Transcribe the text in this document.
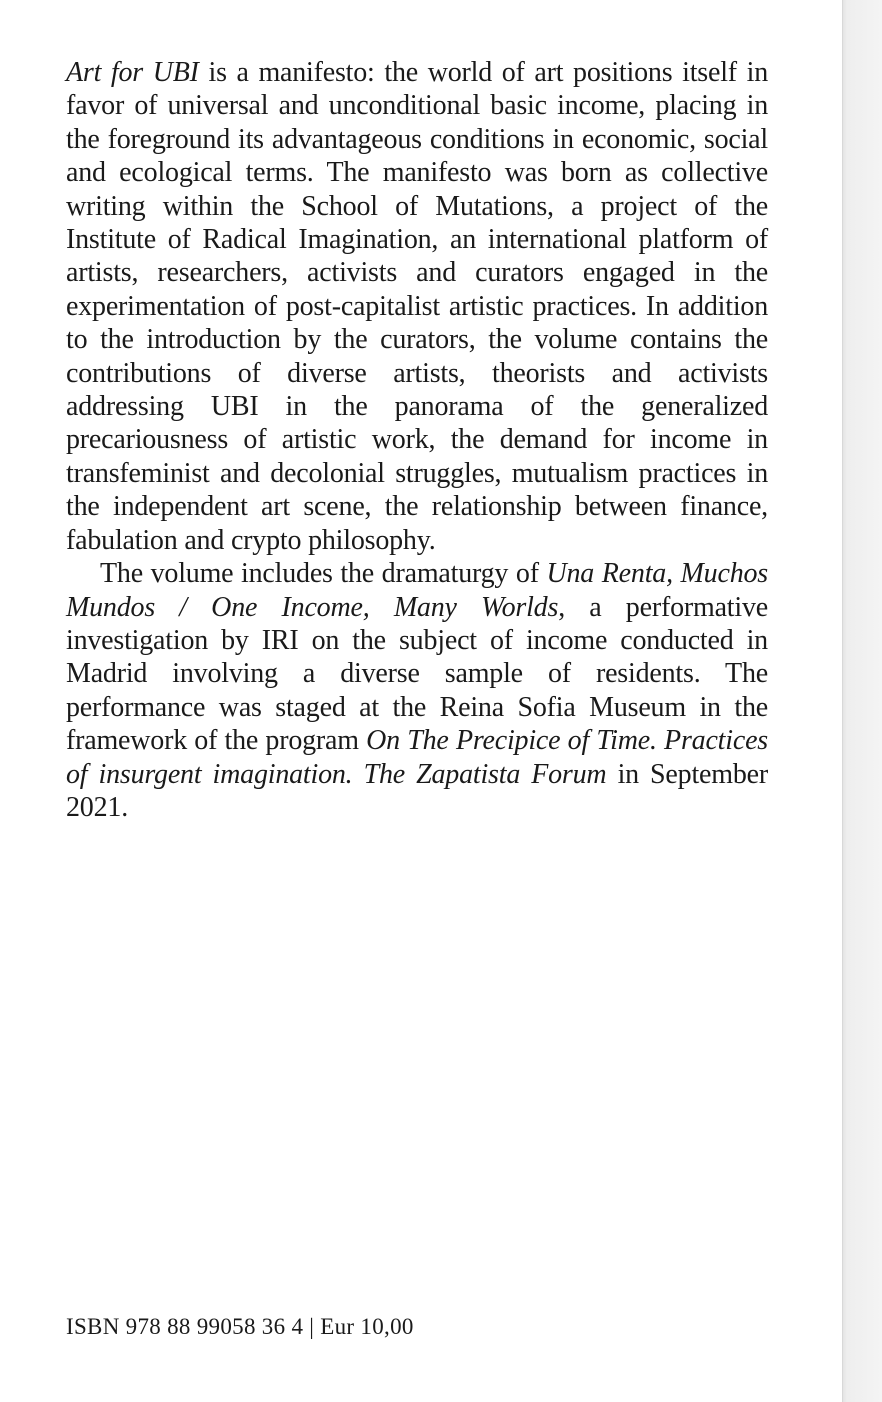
Art for UBI is a manifesto: the world of art positions itself in favor of universal and unconditional basic income, placing in the foreground its advantageous conditions in economic, social and ecological terms. The manifesto was born as collective writing within the School of Mutations, a project of the Institute of Radical Imagination, an international platform of artists, researchers, activists and curators engaged in the experimentation of post-capitalist artistic practices. In addition to the introduction by the curators, the volume contains the contributions of diverse artists, theorists and activists addressing UBI in the panorama of the generalized precariousness of artistic work, the demand for income in transfeminist and decolonial struggles, mutualism practices in the independent art scene, the relationship between finance, fabulation and crypto philosophy.

The volume includes the dramaturgy of Una Renta, Muchos Mundos / One Income, Many Worlds, a performative investigation by IRI on the subject of income conducted in Madrid involving a diverse sample of residents. The performance was staged at the Reina Sofia Museum in the framework of the program On The Precipice of Time. Practices of insurgent imagination. The Zapatista Forum in September 2021.

ISBN 978 88 99058 36 4 | Eur 10,00
